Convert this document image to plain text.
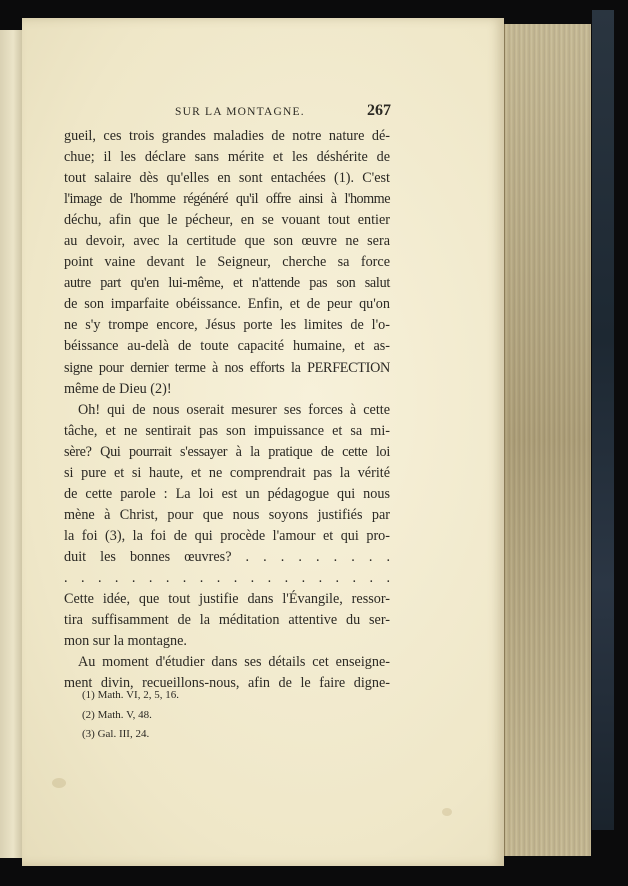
SUR LA MONTAGNE.	267
gueil, ces trois grandes maladies de notre nature dé-
chue; il les déclare sans mérite et les déshérite de
tout salaire dès qu'elles en sont entachées (1). C'est
l'image de l'homme régénéré qu'il offre ainsi à l'homme
déchu, afin que le pécheur, en se vouant tout entier
au devoir, avec la certitude que son œuvre ne sera
point vaine devant le Seigneur, cherche sa force
autre part qu'en lui-même, et n'attende pas son salut
de son imparfaite obéissance. Enfin, et de peur qu'on
ne s'y trompe encore, Jésus porte les limites de l'o-
béissance au-delà de toute capacité humaine, et as-
signe pour dernier terme à nos efforts la PERFECTION
même de Dieu (2)!
Oh! qui de nous oserait mesurer ses forces à cette
tâche, et ne sentirait pas son impuissance et sa mi-
sère? Qui pourrait s'essayer à la pratique de cette loi
si pure et si haute, et ne comprendrait pas la vérité
de cette parole : La loi est un pédagogue qui nous
mène à Christ, pour que nous soyons justifiés par
la foi (3), la foi de qui procède l'amour et qui pro-
duit les bonnes œuvres? . . . . . . . . .
. . . . . . . . . . . . . . . . . . . .
Cette idée, que tout justifie dans l'Évangile, ressor-
tira suffisamment de la méditation attentive du ser-
mon sur la montagne.
Au moment d'étudier dans ses détails cet enseigne-
ment divin, recueillons-nous, afin de le faire digne-
(1) Math. VI, 2, 5, 16.
(2) Math. V, 48.
(3) Gal. III, 24.
